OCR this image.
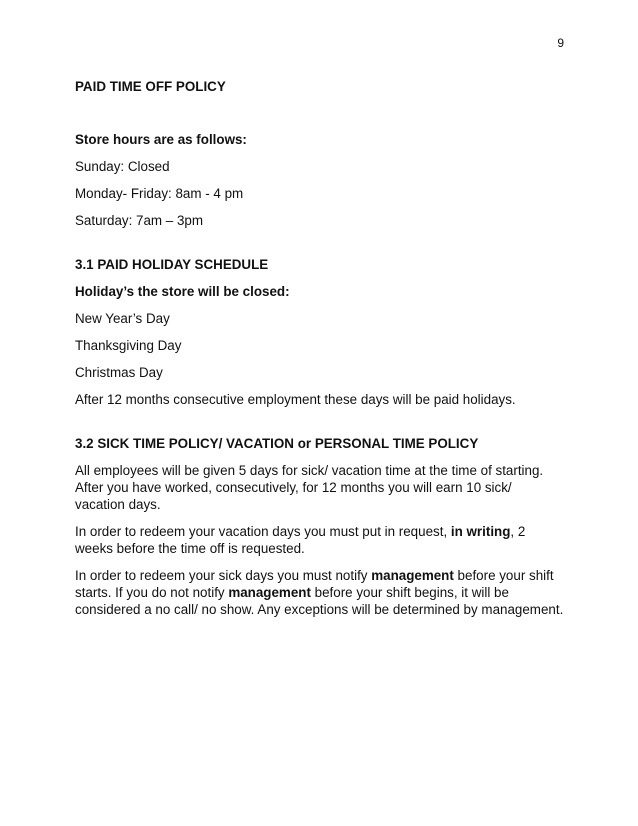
9
PAID TIME OFF POLICY
Store hours are as follows:
Sunday: Closed
Monday- Friday: 8am - 4 pm
Saturday: 7am – 3pm
3.1 PAID HOLIDAY SCHEDULE
Holiday’s the store will be closed:
New Year’s Day
Thanksgiving Day
Christmas Day
After 12 months consecutive employment these days will be paid holidays.
3.2 SICK TIME POLICY/ VACATION or PERSONAL TIME POLICY

All employees will be given 5 days for sick/ vacation time at the time of starting. After you have worked, consecutively, for 12 months you will earn 10 sick/ vacation days.

In order to redeem your vacation days you must put in request, in writing, 2 weeks before the time off is requested.

In order to redeem your sick days you must notify management before your shift starts. If you do not notify management before your shift begins, it will be considered a no call/ no show. Any exceptions will be determined by management.
